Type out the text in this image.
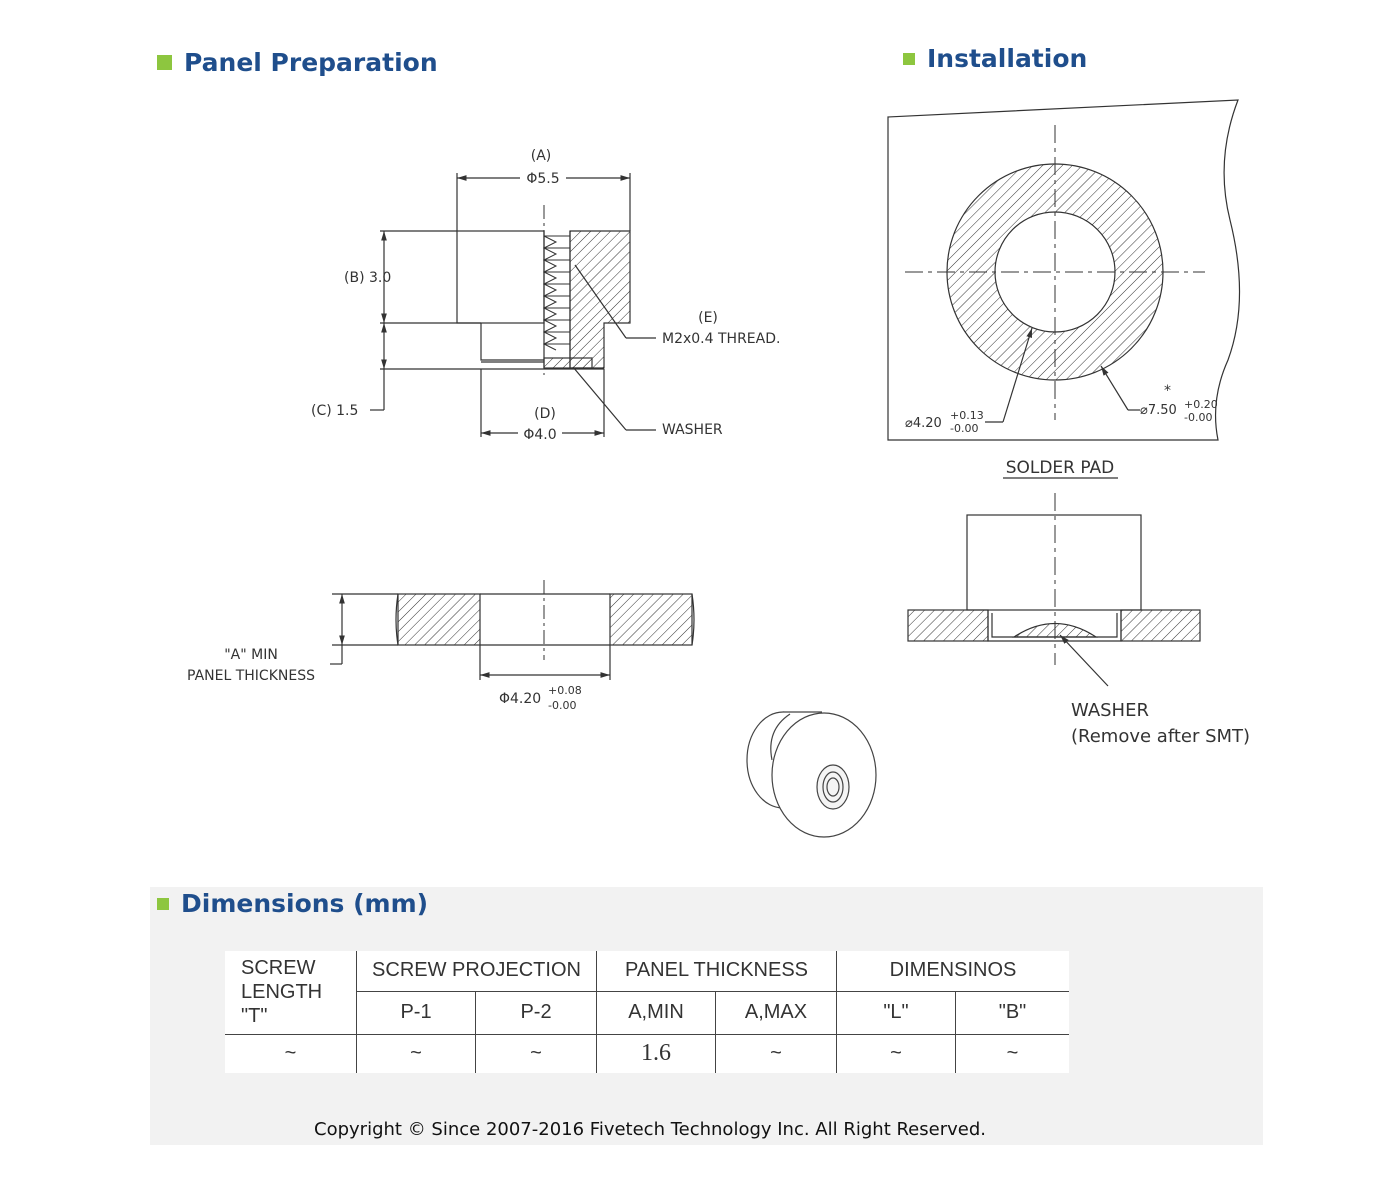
Panel Preparation	Installation
Dimensions (mm)
(A)
Φ5.5
(B) 3.0
(C) 1.5	(D)
Φ4.0
(E)
M2x0.4 THREAD.
WASHER
"A" MIN
PANEL THICKNESS
Φ4.20
+0.08
-0.00
⌀4.20
+0.13
-0.00
*
⌀7.50 +0.20
-0.00
SOLDER PAD
WASHER
(Remove after SMT)
SCREW
LENGTH
"T"	SCREW PROJECTION		PANEL THICKNESS		DIMENSINOS	
	P-1	P-2	A,MIN	A,MAX	"L"	"B"
~	~	~	1.6	~	~	~
Copyright © Since 2007-2016 Fivetech Technology Inc. All Right Reserved.
